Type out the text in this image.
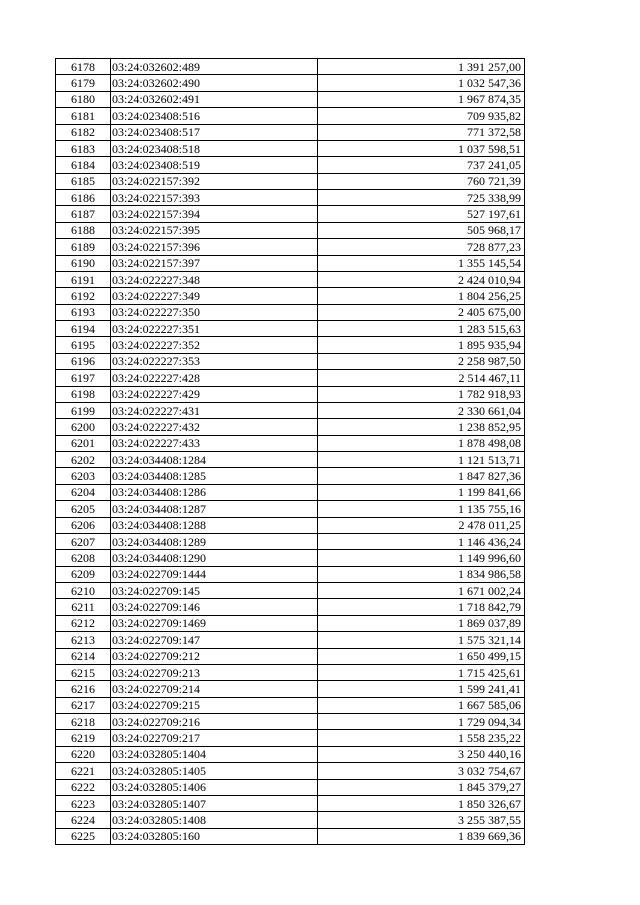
6178	03:24:032602:489	1 391 257,00
6179	03:24:032602:490	1 032 547,36
6180	03:24:032602:491	1 967 874,35
6181	03:24:023408:516	709 935,82
6182	03:24:023408:517	771 372,58
6183	03:24:023408:518	1 037 598,51
6184	03:24:023408:519	737 241,05
6185	03:24:022157:392	760 721,39
6186	03:24:022157:393	725 338,99
6187	03:24:022157:394	527 197,61
6188	03:24:022157:395	505 968,17
6189	03:24:022157:396	728 877,23
6190	03:24:022157:397	1 355 145,54
6191	03:24:022227:348	2 424 010,94
6192	03:24:022227:349	1 804 256,25
6193	03:24:022227:350	2 405 675,00
6194	03:24:022227:351	1 283 515,63
6195	03:24:022227:352	1 895 935,94
6196	03:24:022227:353	2 258 987,50
6197	03:24:022227:428	2 514 467,11
6198	03:24:022227:429	1 782 918,93
6199	03:24:022227:431	2 330 661,04
6200	03:24:022227:432	1 238 852,95
6201	03:24:022227:433	1 878 498,08
6202	03:24:034408:1284	1 121 513,71
6203	03:24:034408:1285	1 847 827,36
6204	03:24:034408:1286	1 199 841,66
6205	03:24:034408:1287	1 135 755,16
6206	03:24:034408:1288	2 478 011,25
6207	03:24:034408:1289	1 146 436,24
6208	03:24:034408:1290	1 149 996,60
6209	03:24:022709:1444	1 834 986,58
6210	03:24:022709:145	1 671 002,24
6211	03:24:022709:146	1 718 842,79
6212	03:24:022709:1469	1 869 037,89
6213	03:24:022709:147	1 575 321,14
6214	03:24:022709:212	1 650 499,15
6215	03:24:022709:213	1 715 425,61
6216	03:24:022709:214	1 599 241,41
6217	03:24:022709:215	1 667 585,06
6218	03:24:022709:216	1 729 094,34
6219	03:24:022709:217	1 558 235,22
6220	03:24:032805:1404	3 250 440,16
6221	03:24:032805:1405	3 032 754,67
6222	03:24:032805:1406	1 845 379,27
6223	03:24:032805:1407	1 850 326,67
6224	03:24:032805:1408	3 255 387,55
6225	03:24:032805:160	1 839 669,36
